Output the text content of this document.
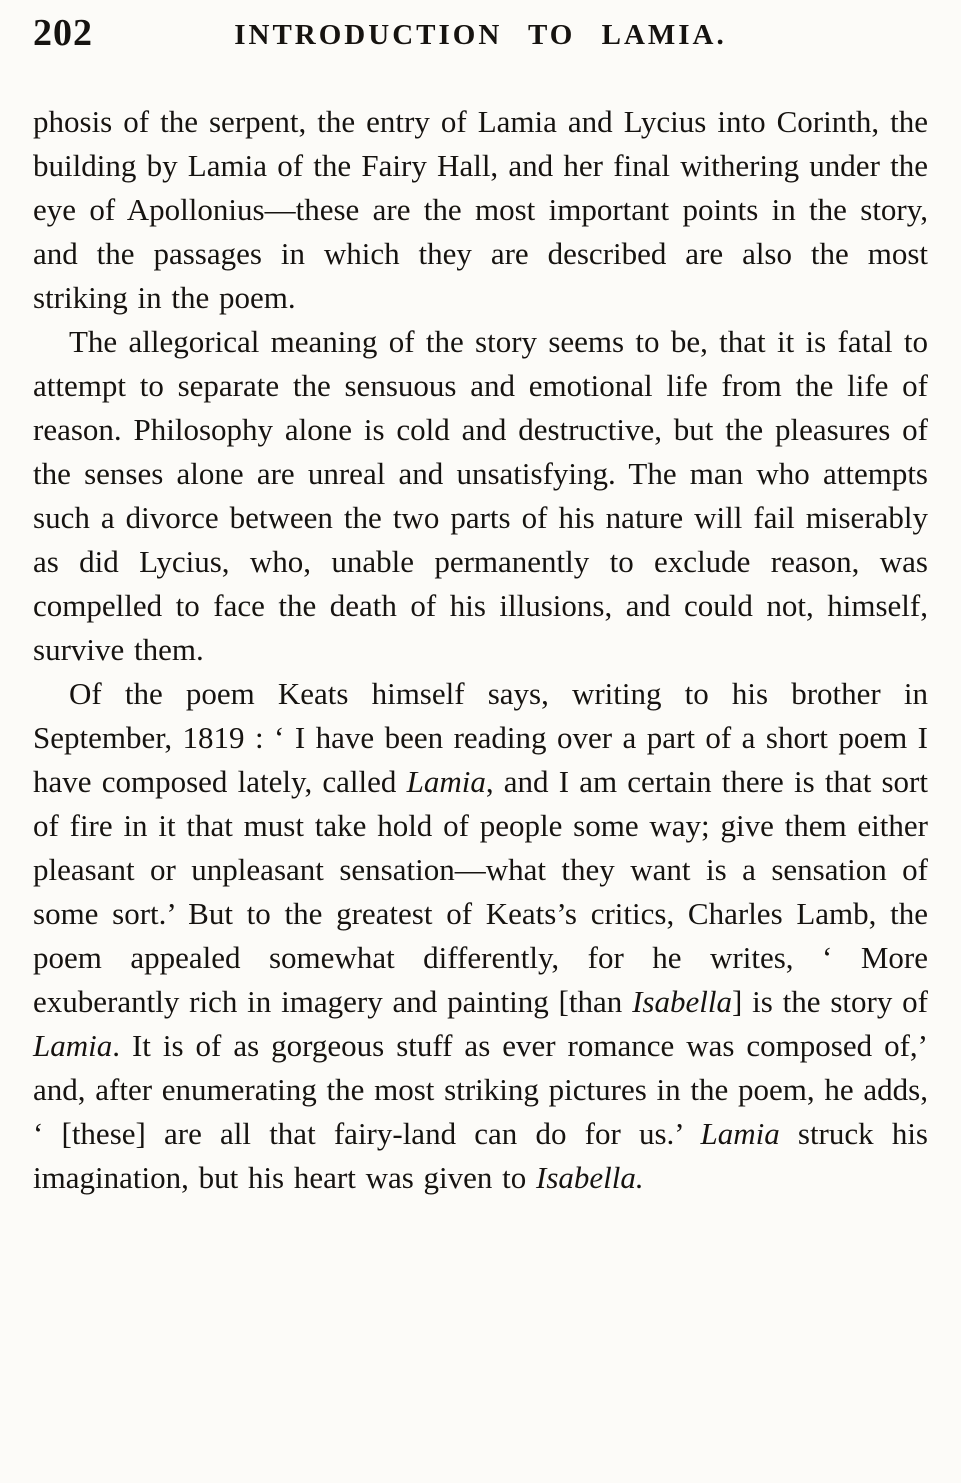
202	INTRODUCTION TO LAMIA.

phosis of the serpent, the entry of Lamia and Lycius into Corinth, the building by Lamia of the Fairy Hall, and her final withering under the eye of Apollonius—these are the most important points in the story, and the passages in which they are described are also the most striking in the poem.

The allegorical meaning of the story seems to be, that it is fatal to attempt to separate the sensuous and emotional life from the life of reason. Philosophy alone is cold and destructive, but the pleasures of the senses alone are unreal and unsatisfying. The man who attempts such a divorce between the two parts of his nature will fail miserably as did Lycius, who, unable permanently to exclude reason, was compelled to face the death of his illusions, and could not, himself, survive them.

Of the poem Keats himself says, writing to his brother in September, 1819 : ‘ I have been reading over a part of a short poem I have composed lately, called Lamia, and I am certain there is that sort of fire in it that must take hold of people some way; give them either pleasant or unpleasant sensation—what they want is a sensation of some sort.’ But to the greatest of Keats’s critics, Charles Lamb, the poem appealed somewhat differently, for he writes, ‘ More exuberantly rich in imagery and painting [than Isabella] is the story of Lamia. It is of as gorgeous stuff as ever romance was composed of,’ and, after enumerating the most striking pictures in the poem, he adds, ‘ [these] are all that fairy-land can do for us.’ Lamia struck his imagination, but his heart was given to Isabella.
